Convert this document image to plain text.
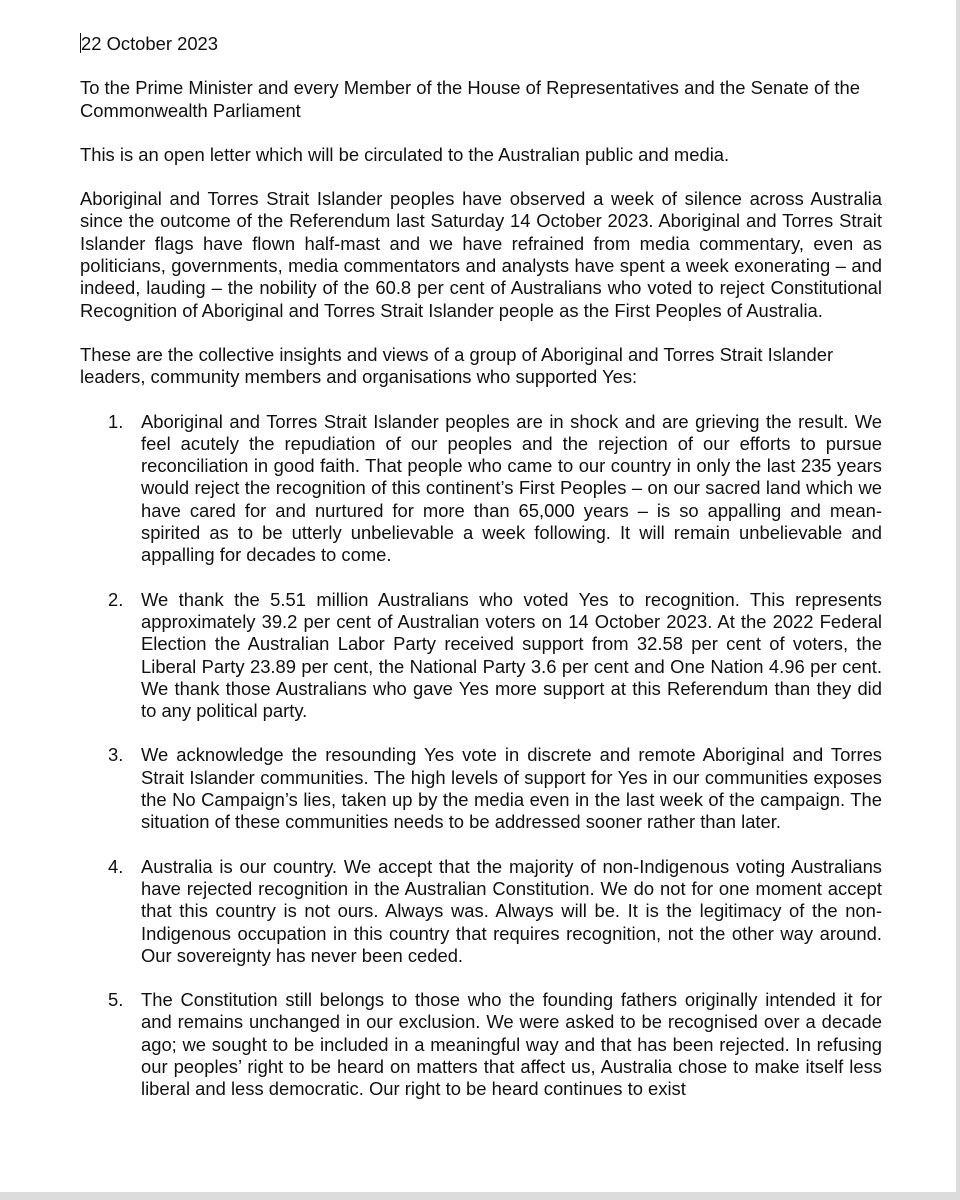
22 October 2023

To the Prime Minister and every Member of the House of Representatives and the Senate of the Commonwealth Parliament

This is an open letter which will be circulated to the Australian public and media.

Aboriginal and Torres Strait Islander peoples have observed a week of silence across Australia since the outcome of the Referendum last Saturday 14 October 2023. Aboriginal and Torres Strait Islander flags have flown half-mast and we have refrained from media commentary, even as politicians, governments, media commentators and analysts have spent a week exonerating – and indeed, lauding – the nobility of the 60.8 per cent of Australians who voted to reject Constitutional Recognition of Aboriginal and Torres Strait Islander people as the First Peoples of Australia.

These are the collective insights and views of a group of Aboriginal and Torres Strait Islander leaders, community members and organisations who supported Yes:

1. Aboriginal and Torres Strait Islander peoples are in shock and are grieving the result. We feel acutely the repudiation of our peoples and the rejection of our efforts to pursue reconciliation in good faith. That people who came to our country in only the last 235 years would reject the recognition of this continent’s First Peoples – on our sacred land which we have cared for and nurtured for more than 65,000 years – is so appalling and mean-spirited as to be utterly unbelievable a week following. It will remain unbelievable and appalling for decades to come.
2. We thank the 5.51 million Australians who voted Yes to recognition. This represents approximately 39.2 per cent of Australian voters on 14 October 2023. At the 2022 Federal Election the Australian Labor Party received support from 32.58 per cent of voters, the Liberal Party 23.89 per cent, the National Party 3.6 per cent and One Nation 4.96 per cent. We thank those Australians who gave Yes more support at this Referendum than they did to any political party.
3. We acknowledge the resounding Yes vote in discrete and remote Aboriginal and Torres Strait Islander communities. The high levels of support for Yes in our communities exposes the No Campaign’s lies, taken up by the media even in the last week of the campaign. The situation of these communities needs to be addressed sooner rather than later.
4. Australia is our country. We accept that the majority of non-Indigenous voting Australians have rejected recognition in the Australian Constitution. We do not for one moment accept that this country is not ours. Always was. Always will be. It is the legitimacy of the non-Indigenous occupation in this country that requires recognition, not the other way around. Our sovereignty has never been ceded.
5. The Constitution still belongs to those who the founding fathers originally intended it for and remains unchanged in our exclusion. We were asked to be recognised over a decade ago; we sought to be included in a meaningful way and that has been rejected. In refusing our peoples’ right to be heard on matters that affect us, Australia chose to make itself less liberal and less democratic. Our right to be heard continues to exist
